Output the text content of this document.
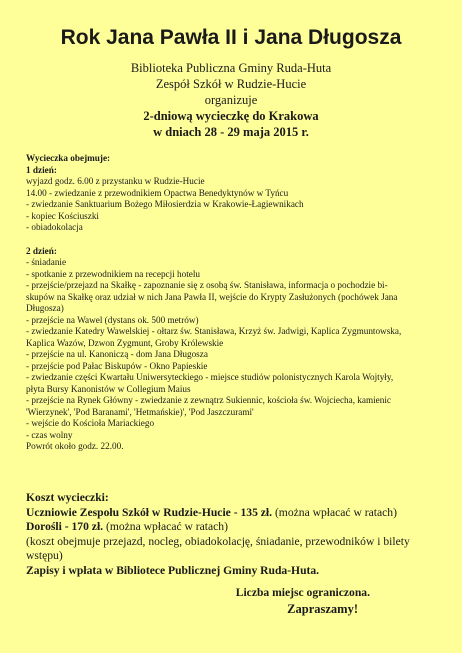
Rok Jana Pawła II i Jana Długosza

Biblioteka Publiczna Gminy Ruda-Huta

Zespół Szkół w Rudzie-Hucie

organizuje

2-dniową wycieczkę do Krakowa

w dniach 28 - 29 maja 2015 r.

Wycieczka obejmuje:

1 dzień:

wyjazd godz. 6.00 z przystanku w Rudzie-Hucie

14.00 - zwiedzanie z przewodnikiem Opactwa Benedyktynów w Tyńcu

- zwiedzanie Sanktuarium Bożego Miłosierdzia w Krakowie-Łagiewnikach

- kopiec Kościuszki

- obiadokolacja

2 dzień:

- śniadanie

- spotkanie z przewodnikiem na recepcji hotelu

- przejście/przejazd na Skałkę - zapoznanie się z osobą św. Stanisława, informacja o pochodzie bi-

skupów na Skałkę oraz udział w nich Jana Pawła II, wejście do Krypty Zasłużonych (pochówek Jana

Długosza)

- przejście na Wawel (dystans ok. 500 metrów)

- zwiedzanie Katedry Wawelskiej - ołtarz św. Stanisława, Krzyż św. Jadwigi, Kaplica Zygmuntowska,

Kaplica Wazów, Dzwon Zygmunt, Groby Królewskie

- przejście na ul. Kanoniczą - dom Jana Długosza

- przejście pod Pałac Biskupów - Okno Papieskie

- zwiedzanie części Kwartału Uniwersyteckiego - miejsce studiów polonistycznych Karola Wojtyły,

płyta Bursy Kanonistów w Collegium Maius

- przejście na Rynek Główny - zwiedzanie z zewnątrz Sukiennic, kościoła św. Wojciecha, kamienic

'Wierzynek', 'Pod Baranami', 'Hetmańskie)', 'Pod Jaszczurami'

- wejście do Kościoła Mariackiego

- czas wolny

Powrót około godz. 22.00.

Koszt wycieczki:

Uczniowie Zespołu Szkół w Rudzie-Hucie - 135 zł. (można wpłacać w ratach)

Dorośli - 170 zł. (można wpłacać w ratach)

(koszt obejmuje przejazd, nocleg, obiadokolację, śniadanie, przewodników i bilety

wstępu)

Zapisy i wpłata w Bibliotece Publicznej Gminy Ruda-Huta.

Liczba miejsc ograniczona.

Zapraszamy!
